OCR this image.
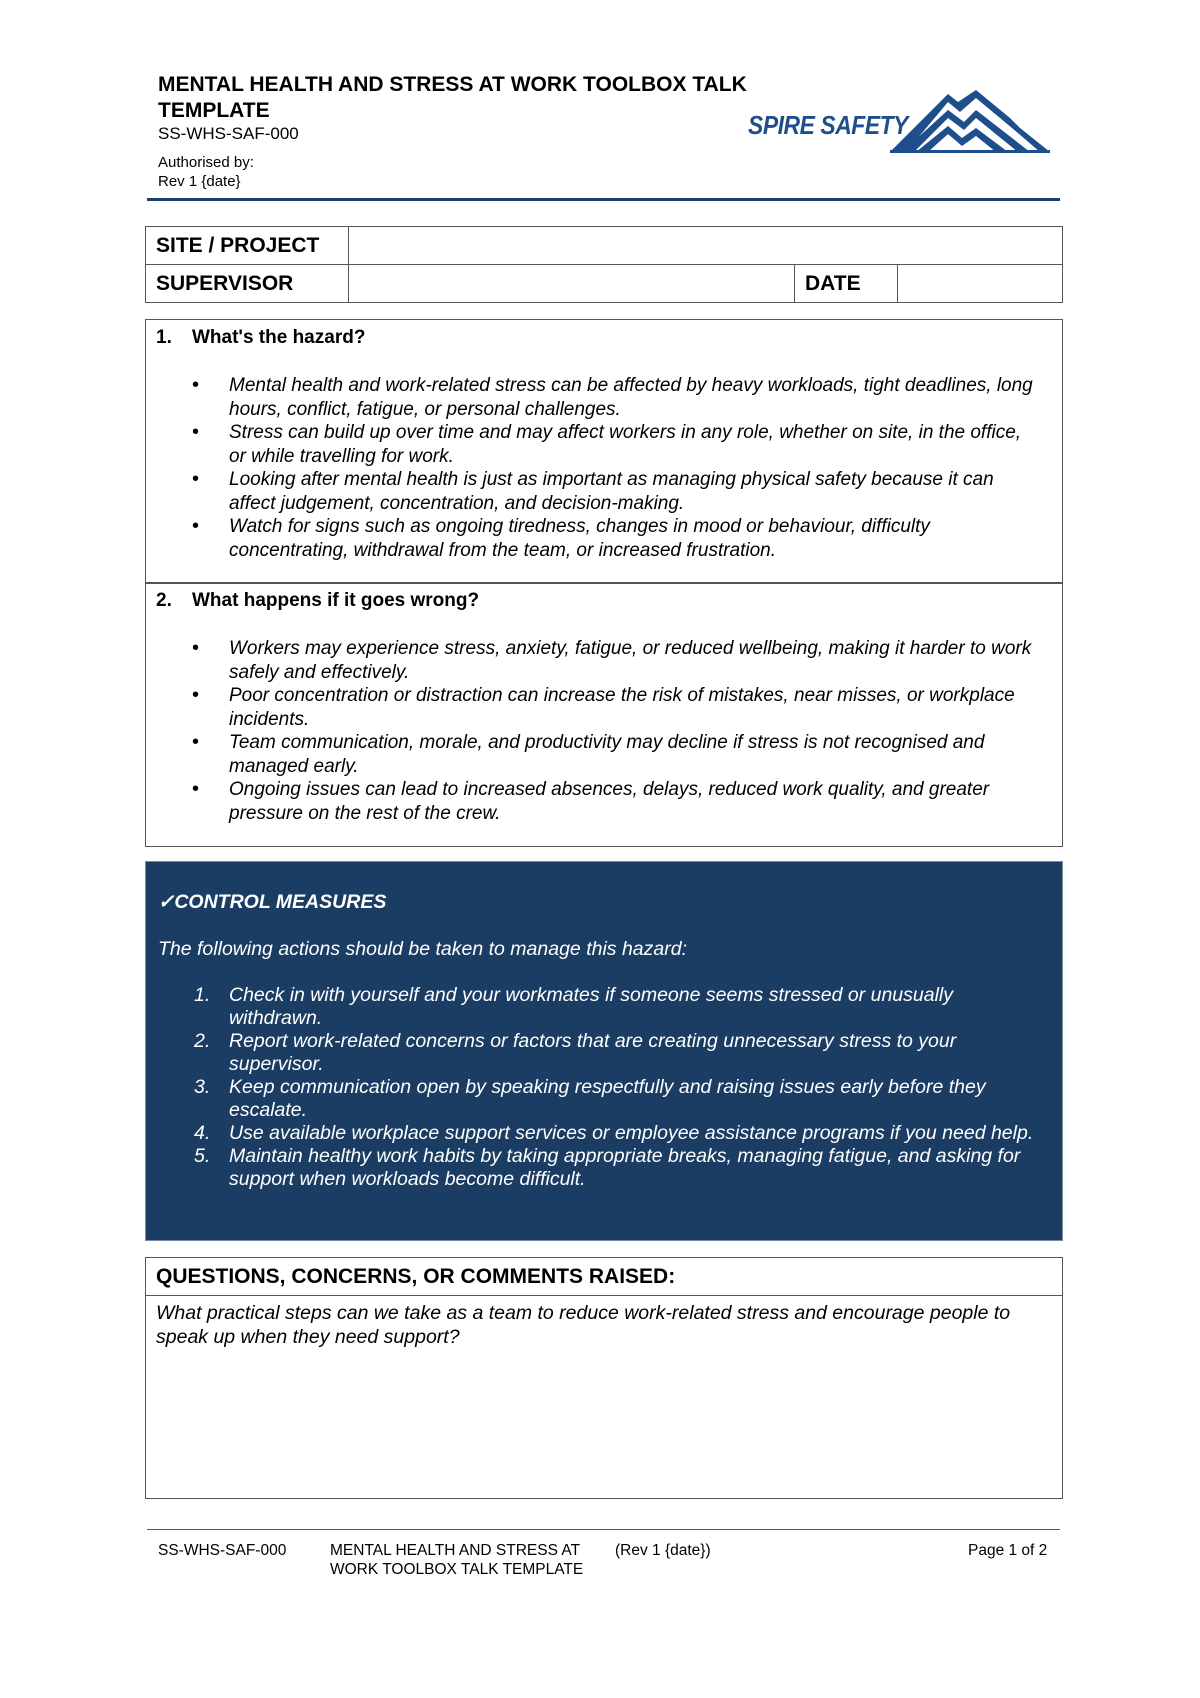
MENTAL HEALTH AND STRESS AT WORK TOOLBOX TALK TEMPLATE
SS-WHS-SAF-000
Authorised by:
Rev 1 {date}
SPIRE SAFETY
SITE / PROJECT			
SUPERVISOR		DATE	
1. What's the hazard?
• Mental health and work-related stress can be affected by heavy workloads, tight deadlines, long hours, conflict, fatigue, or personal challenges.
• Stress can build up over time and may affect workers in any role, whether on site, in the office, or while travelling for work.
• Looking after mental health is just as important as managing physical safety because it can affect judgement, concentration, and decision-making.
• Watch for signs such as ongoing tiredness, changes in mood or behaviour, difficulty concentrating, withdrawal from the team, or increased frustration.
2. What happens if it goes wrong?
• Workers may experience stress, anxiety, fatigue, or reduced wellbeing, making it harder to work safely and effectively.
• Poor concentration or distraction can increase the risk of mistakes, near misses, or workplace incidents.
• Team communication, morale, and productivity may decline if stress is not recognised and managed early.
• Ongoing issues can lead to increased absences, delays, reduced work quality, and greater pressure on the rest of the crew.
✓CONTROL MEASURES
The following actions should be taken to manage this hazard:
1. Check in with yourself and your workmates if someone seems stressed or unusually withdrawn.
2. Report work-related concerns or factors that are creating unnecessary stress to your supervisor.
3. Keep communication open by speaking respectfully and raising issues early before they escalate.
4. Use available workplace support services or employee assistance programs if you need help.
5. Maintain healthy work habits by taking appropriate breaks, managing fatigue, and asking for support when workloads become difficult.
QUESTIONS, CONCERNS, OR COMMENTS RAISED:
What practical steps can we take as a team to reduce work-related stress and encourage people to speak up when they need support?
SS-WHS-SAF-000	MENTAL HEALTH AND STRESS AT WORK TOOLBOX TALK TEMPLATE
(Rev 1 {date})	Page 1 of 2
